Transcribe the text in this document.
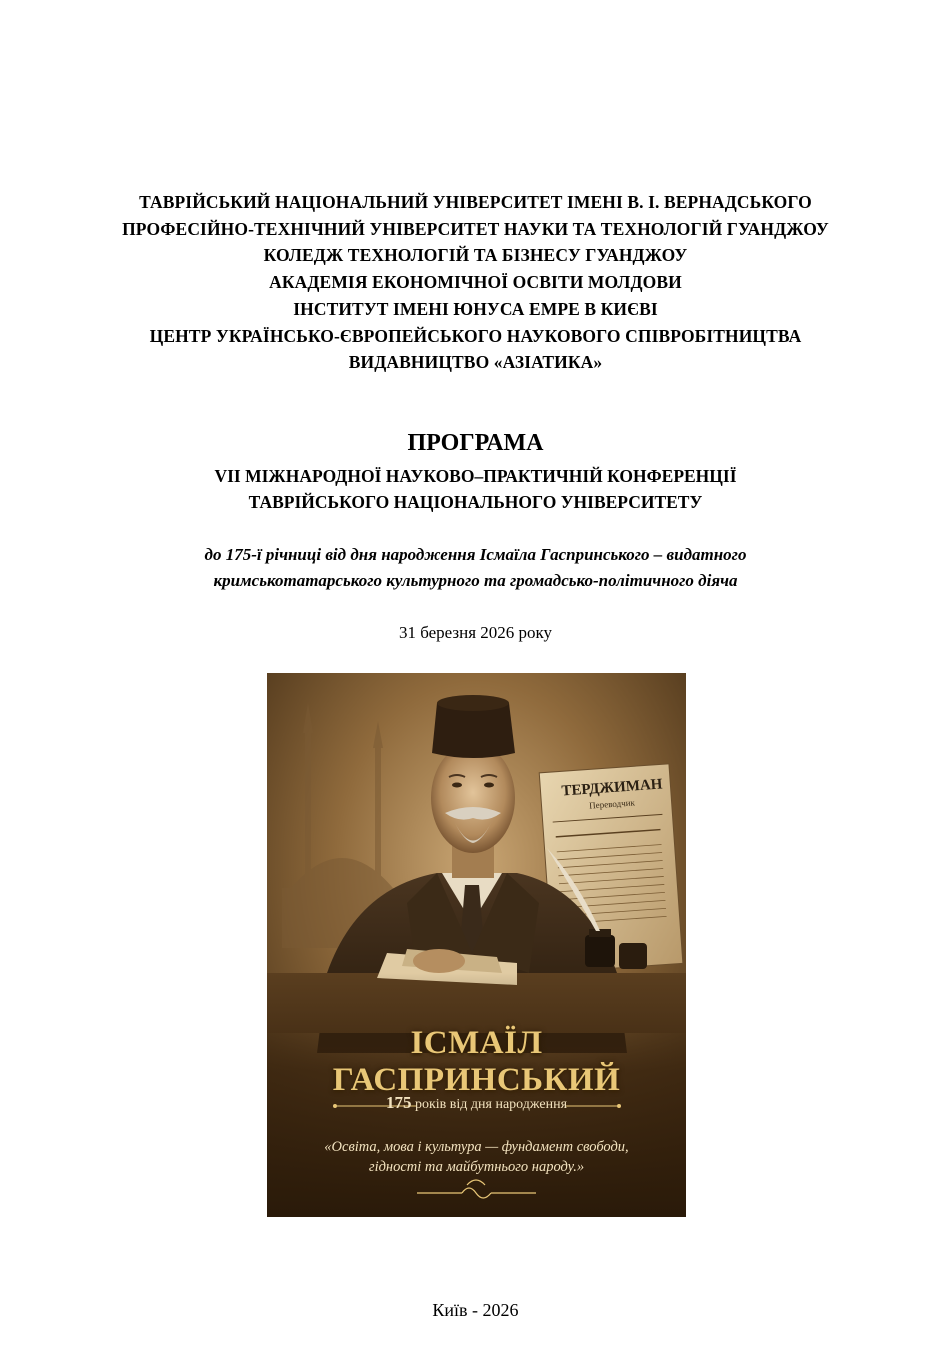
ТАВРІЙСЬКИЙ НАЦІОНАЛЬНИЙ УНІВЕРСИТЕТ ІМЕНІ В. І. ВЕРНАДСЬКОГО
ПРОФЕСІЙНО-ТЕХНІЧНИЙ УНІВЕРСИТЕТ НАУКИ ТА ТЕХНОЛОГІЙ ГУАНДЖОУ
КОЛЕДЖ ТЕХНОЛОГІЙ ТА БІЗНЕСУ ГУАНДЖОУ
АКАДЕМІЯ ЕКОНОМІЧНОЇ ОСВІТИ МОЛДОВИ
ІНСТИТУТ ІМЕНІ ЮНУСА ЕМРЕ В КИЄВІ
ЦЕНТР УКРАЇНСЬКО-ЄВРОПЕЙСЬКОГО НАУКОВОГО СПІВРОБІТНИЦТВА
ВИДАВНИЦТВО «АЗІАТИКА»
ПРОГРАМА
VII МІЖНАРОДНОЇ НАУКОВО–ПРАКТИЧНІЙ КОНФЕРЕНЦІЇ
ТАВРІЙСЬКОГО НАЦІОНАЛЬНОГО УНІВЕРСИТЕТУ
до 175-ї річниці від дня народження Ісмаїла Гаспринського – видатного
кримськотатарського культурного та громадсько-політичного діяча
31 березня 2026 року
ТЕРДЖИМАН
Переводчик
ІСМАЇЛ ГАСПРИНСЬКИЙ
175 років від дня народження
«Освіта, мова і культура — фундамент свободи,
гідності та майбутнього народу.»
Київ - 2026
